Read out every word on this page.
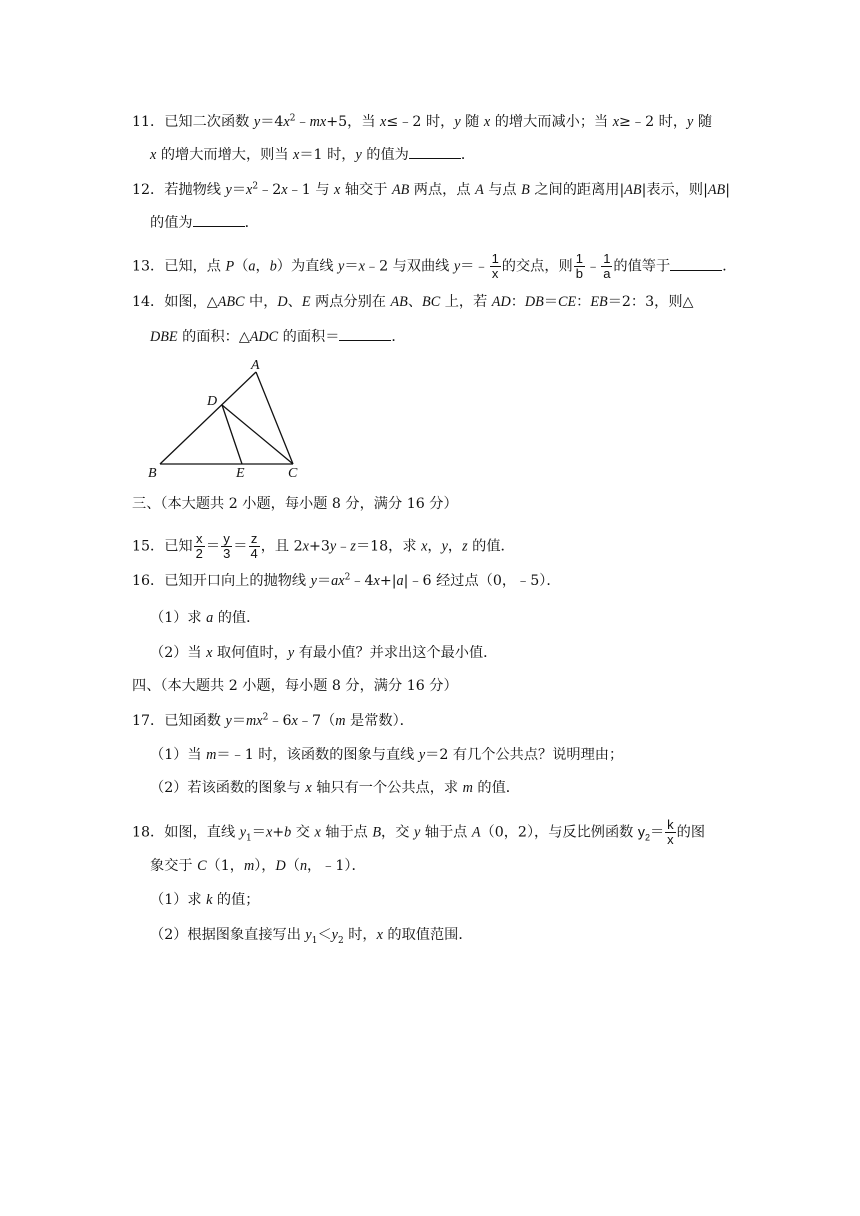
11．已知二次函数 $y=4x^2﹣mx+5$，当 x≤﹣2 时，y 随 x 的增大而减小；当 x≥﹣2 时，y 随
x 的增大而增大，则当 x＝1 时，y 的值为	．
12．若抛物线 $y=x^2﹣2x﹣1$ 与 x 轴交于 AB 两点，点 A 与点 B 之间的距离用|AB|表示，则|AB|
的值为	．
13．已知，点 P（a，b）为直线 y＝x﹣2 与双曲线 y＝﹣ $\frac{1}{x}$ 的交点，则 $\frac{1}{b}$ ﹣ $\frac{1}{a}$ 的值等于	．
14．如图，△ABC 中，D、E 两点分别在 AB、BC 上，若 AD：DB＝CE：EB＝2：3，则△
DBE 的面积：△ADC 的面积＝	．
A
D
B	E	C
三、（本大题共 2 小题，每小题 8 分，满分 16 分）
15．已知 $\frac{x}{2} = \frac{y}{3} = \frac{z}{4}$ ，且 2x+3y﹣z＝18，求 x，y，z 的值．
16．已知开口向上的抛物线 $y=ax^2﹣4x+|a|﹣6$ 经过点（0，﹣5）．
（1）求 a 的值．
（2）当 x 取何值时，y 有最小值？并求出这个最小值．
四、（本大题共 2 小题，每小题 8 分，满分 16 分）
17．已知函数 $y=mx^2﹣6x﹣7(m$ 是常数）．
（1）当 m＝﹣1 时，该函数的图象与直线 y＝2 有几个公共点？说明理由；
（2）若该函数的图象与 x 轴只有一个公共点，求 m 的值．
18．如图，直线 $y_1=x+b$ 交 x 轴于点 B，交 y 轴于点 A（0，2），与反比例函数 $y_2= \frac{k}{x}$ 的图
象交于 C（1，m），D（n，﹣1）．
（1）求 k 的值；
（2）根据图象直接写出 $y_1<y_2$ 时，x 的取值范围．
